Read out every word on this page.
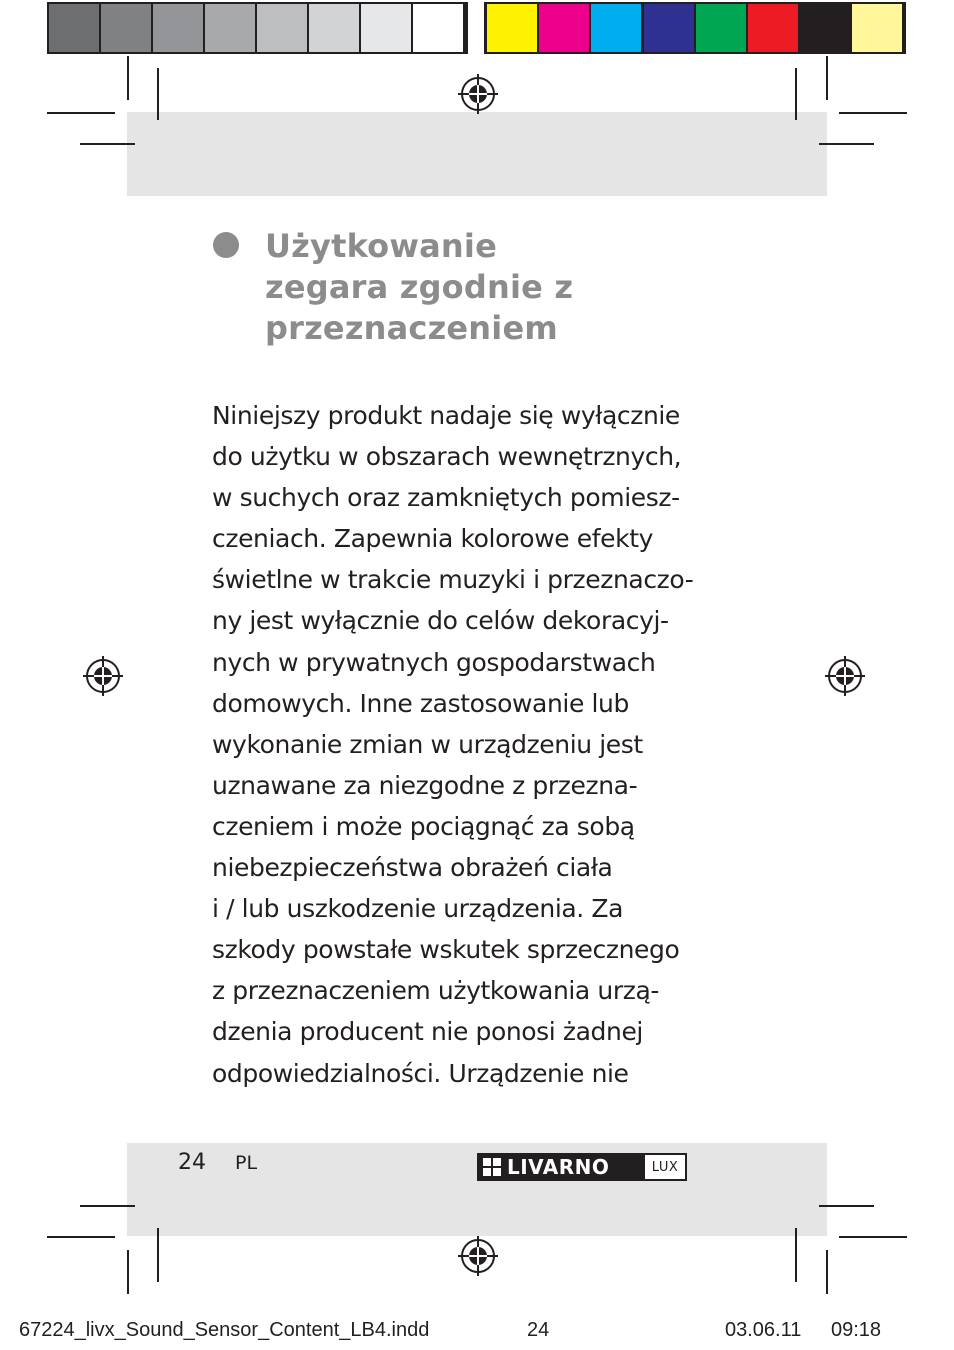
Użytkowanie
zegara zgodnie z
przeznaczeniem
Niniejszy produkt nadaje się wyłącznie
do użytku w obszarach wewnętrznych,
w suchych oraz zamkniętych pomiesz-
czeniach. Zapewnia kolorowe efekty
świetlne w trakcie muzyki i przeznaczo-
ny jest wyłącznie do celów dekoracyj-
nych w prywatnych gospodarstwach
domowych. Inne zastosowanie lub
wykonanie zmian w urządzeniu jest
uznawane za niezgodne z przezna-
czeniem i może pociągnąć za sobą
niebezpieczeństwa obrażeń ciała
i / lub uszkodzenie urządzenia. Za
szkody powstałe wskutek sprzecznego
z przeznaczeniem użytkowania urzą-
dzenia producent nie ponosi żadnej
odpowiedzialności. Urządzenie nie
24 PL	LIVARNO	LUX
67224_livx_Sound_Sensor_Content_LB4.indd	24	03.06.11 09:18
